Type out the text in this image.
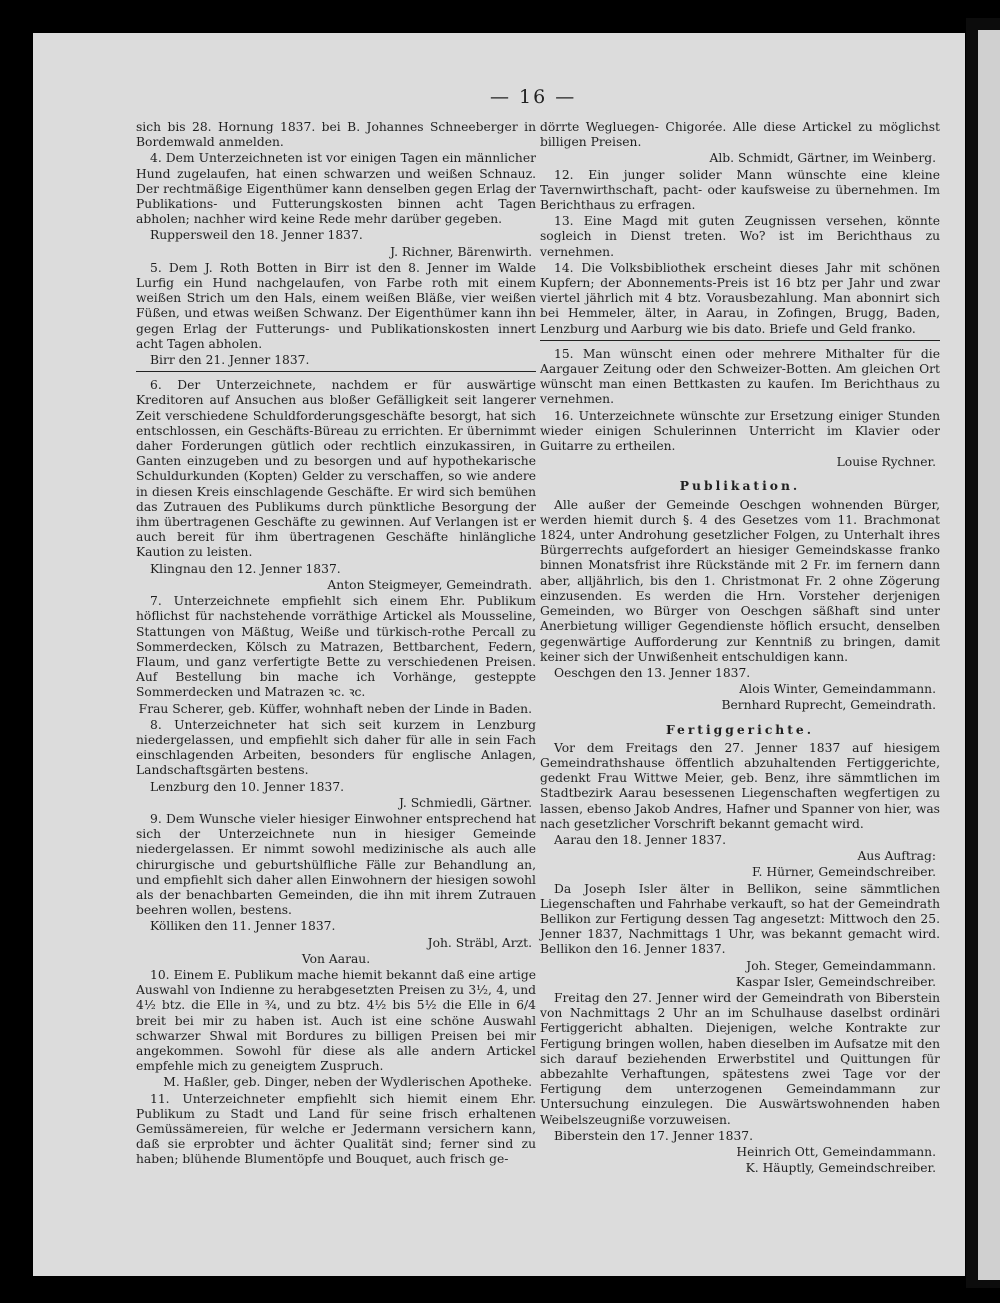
— 16 —

sich bis 28. Hornung 1837. bei B. Johannes Schneeberger in Bordemwald anmelden.

4. Dem Unterzeichneten ist vor einigen Tagen ein männlicher Hund zugelaufen, hat einen schwarzen und weißen Schnauz. Der rechtmäßige Eigenthümer kann denselben gegen Erlag der Publikations- und Futterungskosten binnen acht Tagen abholen; nachher wird keine Rede mehr darüber gegeben.

Ruppersweil den 18. Jenner 1837.

J. Richner, Bärenwirth.

5. Dem J. Roth Botten in Birr ist den 8. Jenner im Walde Lurfig ein Hund nachgelaufen, von Farbe roth mit einem weißen Strich um den Hals, einem weißen Bläße, vier weißen Füßen, und etwas weißen Schwanz. Der Eigenthümer kann ihn gegen Erlag der Futterungs- und Publikationskosten innert acht Tagen abholen.

Birr den 21. Jenner 1837.

6. Der Unterzeichnete, nachdem er für auswärtige Kreditoren auf Ansuchen aus bloßer Gefälligkeit seit langerer Zeit verschiedene Schuldforderungsgeschäfte besorgt, hat sich entschlossen, ein Geschäfts-Büreau zu errichten. Er übernimmt daher Forderungen gütlich oder rechtlich einzukassiren, in Ganten einzugeben und zu besorgen und auf hypothekarische Schuldurkunden (Kopten) Gelder zu verschaffen, so wie andere in diesen Kreis einschlagende Geschäfte. Er wird sich bemühen das Zutrauen des Publikums durch pünktliche Besorgung der ihm übertragenen Geschäfte zu gewinnen. Auf Verlangen ist er auch bereit für ihm übertragenen Geschäfte hinlängliche Kaution zu leisten.

Klingnau den 12. Jenner 1837.

Anton Steigmeyer, Gemeindrath.

7. Unterzeichnete empfiehlt sich einem Ehr. Publikum höflichst für nachstehende vorräthige Artickel als Mousseline, Stattungen von Mäßtug, Weiße und türkisch-rothe Percall zu Sommerdecken, Kölsch zu Matrazen, Bettbarchent, Federn, Flaum, und ganz verfertigte Bette zu verschiedenen Preisen. Auf Bestellung bin mache ich Vorhänge, gesteppte Sommerdecken und Matrazen ꝛc. ꝛc.

Frau Scherer, geb. Küffer, wohnhaft neben der Linde in Baden.

8. Unterzeichneter hat sich seit kurzem in Lenzburg niedergelassen, und empfiehlt sich daher für alle in sein Fach einschlagenden Arbeiten, besonders für englische Anlagen, Landschaftsgärten bestens.

Lenzburg den 10. Jenner 1837.

J. Schmiedli, Gärtner.

9. Dem Wunsche vieler hiesiger Einwohner entsprechend hat sich der Unterzeichnete nun in hiesiger Gemeinde niedergelassen. Er nimmt sowohl medizinische als auch alle chirurgische und geburtshülfliche Fälle zur Behandlung an, und empfiehlt sich daher allen Einwohnern der hiesigen sowohl als der benachbarten Gemeinden, die ihn mit ihrem Zutrauen beehren wollen, bestens.

Kölliken den 11. Jenner 1837.

Joh. Sträbl, Arzt.

Von Aarau.

10. Einem E. Publikum mache hiemit bekannt daß eine artige Auswahl von Indienne zu herabgesetzten Preisen zu 3½, 4, und 4½ btz. die Elle in ¾, und zu btz. 4½ bis 5½ die Elle in 6/4 breit bei mir zu haben ist. Auch ist eine schöne Auswahl schwarzer Shwal mit Bordures zu billigen Preisen bei mir angekommen. Sowohl für diese als alle andern Artickel empfehle mich zu geneigtem Zuspruch.

M. Haßler, geb. Dinger, neben der Wydlerischen Apotheke.

11. Unterzeichneter empfiehlt sich hiemit einem Ehr. Publikum zu Stadt und Land für seine frisch erhaltenen Gemüssämereien, für welche er Jedermann versichern kann, daß sie erprobter und ächter Qualität sind; ferner sind zu haben; blühende Blumentöpfe und Bouquet, auch frisch ge-

dörrte Wegluegen- Chigorée. Alle diese Artickel zu möglichst billigen Preisen.

Alb. Schmidt, Gärtner, im Weinberg.

12. Ein junger solider Mann wünschte eine kleine Tavernwirthschaft, pacht- oder kaufsweise zu übernehmen. Im Berichthaus zu erfragen.

13. Eine Magd mit guten Zeugnissen versehen, könnte sogleich in Dienst treten. Wo? ist im Berichthaus zu vernehmen.

14. Die Volksbibliothek erscheint dieses Jahr mit schönen Kupfern; der Abonnements-Preis ist 16 btz per Jahr und zwar viertel jährlich mit 4 btz. Vorausbezahlung. Man abonnirt sich bei Hemmeler, älter, in Aarau, in Zofingen, Brugg, Baden, Lenzburg und Aarburg wie bis dato. Briefe und Geld franko.

15. Man wünscht einen oder mehrere Mithalter für die Aargauer Zeitung oder den Schweizer-Botten. Am gleichen Ort wünscht man einen Bettkasten zu kaufen. Im Berichthaus zu vernehmen.

16. Unterzeichnete wünschte zur Ersetzung einiger Stunden wieder einigen Schulerinnen Unterricht im Klavier oder Guitarre zu ertheilen.

Louise Rychner.

Publikation.

Alle außer der Gemeinde Oeschgen wohnenden Bürger, werden hiemit durch §. 4 des Gesetzes vom 11. Brachmonat 1824, unter Androhung gesetzlicher Folgen, zu Unterhalt ihres Bürgerrechts aufgefordert an hiesiger Gemeindskasse franko binnen Monatsfrist ihre Rückstände mit 2 Fr. im fernern dann aber, alljährlich, bis den 1. Christmonat Fr. 2 ohne Zögerung einzusenden. Es werden die Hrn. Vorsteher derjenigen Gemeinden, wo Bürger von Oeschgen säßhaft sind unter Anerbietung williger Gegendienste höflich ersucht, denselben gegenwärtige Aufforderung zur Kenntniß zu bringen, damit keiner sich der Unwißenheit entschuldigen kann.

Oeschgen den 13. Jenner 1837.

Alois Winter, Gemeindammann.

Bernhard Ruprecht, Gemeindrath.

Fertiggerichte.

Vor dem Freitags den 27. Jenner 1837 auf hiesigem Gemeindrathshause öffentlich abzuhaltenden Fertiggerichte, gedenkt Frau Wittwe Meier, geb. Benz, ihre sämmtlichen im Stadtbezirk Aarau besessenen Liegenschaften wegfertigen zu lassen, ebenso Jakob Andres, Hafner und Spanner von hier, was nach gesetzlicher Vorschrift bekannt gemacht wird.

Aarau den 18. Jenner 1837.

Aus Auftrag:

F. Hürner, Gemeindschreiber.

Da Joseph Isler älter in Bellikon, seine sämmtlichen Liegenschaften und Fahrhabe verkauft, so hat der Gemeindrath Bellikon zur Fertigung dessen Tag angesetzt: Mittwoch den 25. Jenner 1837, Nachmittags 1 Uhr, was bekannt gemacht wird. Bellikon den 16. Jenner 1837.

Joh. Steger, Gemeindammann.

Kaspar Isler, Gemeindschreiber.

Freitag den 27. Jenner wird der Gemeindrath von Biberstein von Nachmittags 2 Uhr an im Schulhause daselbst ordinäri Fertiggericht abhalten. Diejenigen, welche Kontrakte zur Fertigung bringen wollen, haben dieselben im Aufsatze mit den sich darauf beziehenden Erwerbstitel und Quittungen für abbezahlte Verhaftungen, spätestens zwei Tage vor der Fertigung dem unterzogenen Gemeindammann zur Untersuchung einzulegen. Die Auswärtswohnenden haben Weibelszeugniße vorzuweisen.

Biberstein den 17. Jenner 1837.

Heinrich Ott, Gemeindammann.

K. Häuptly, Gemeindschreiber.
